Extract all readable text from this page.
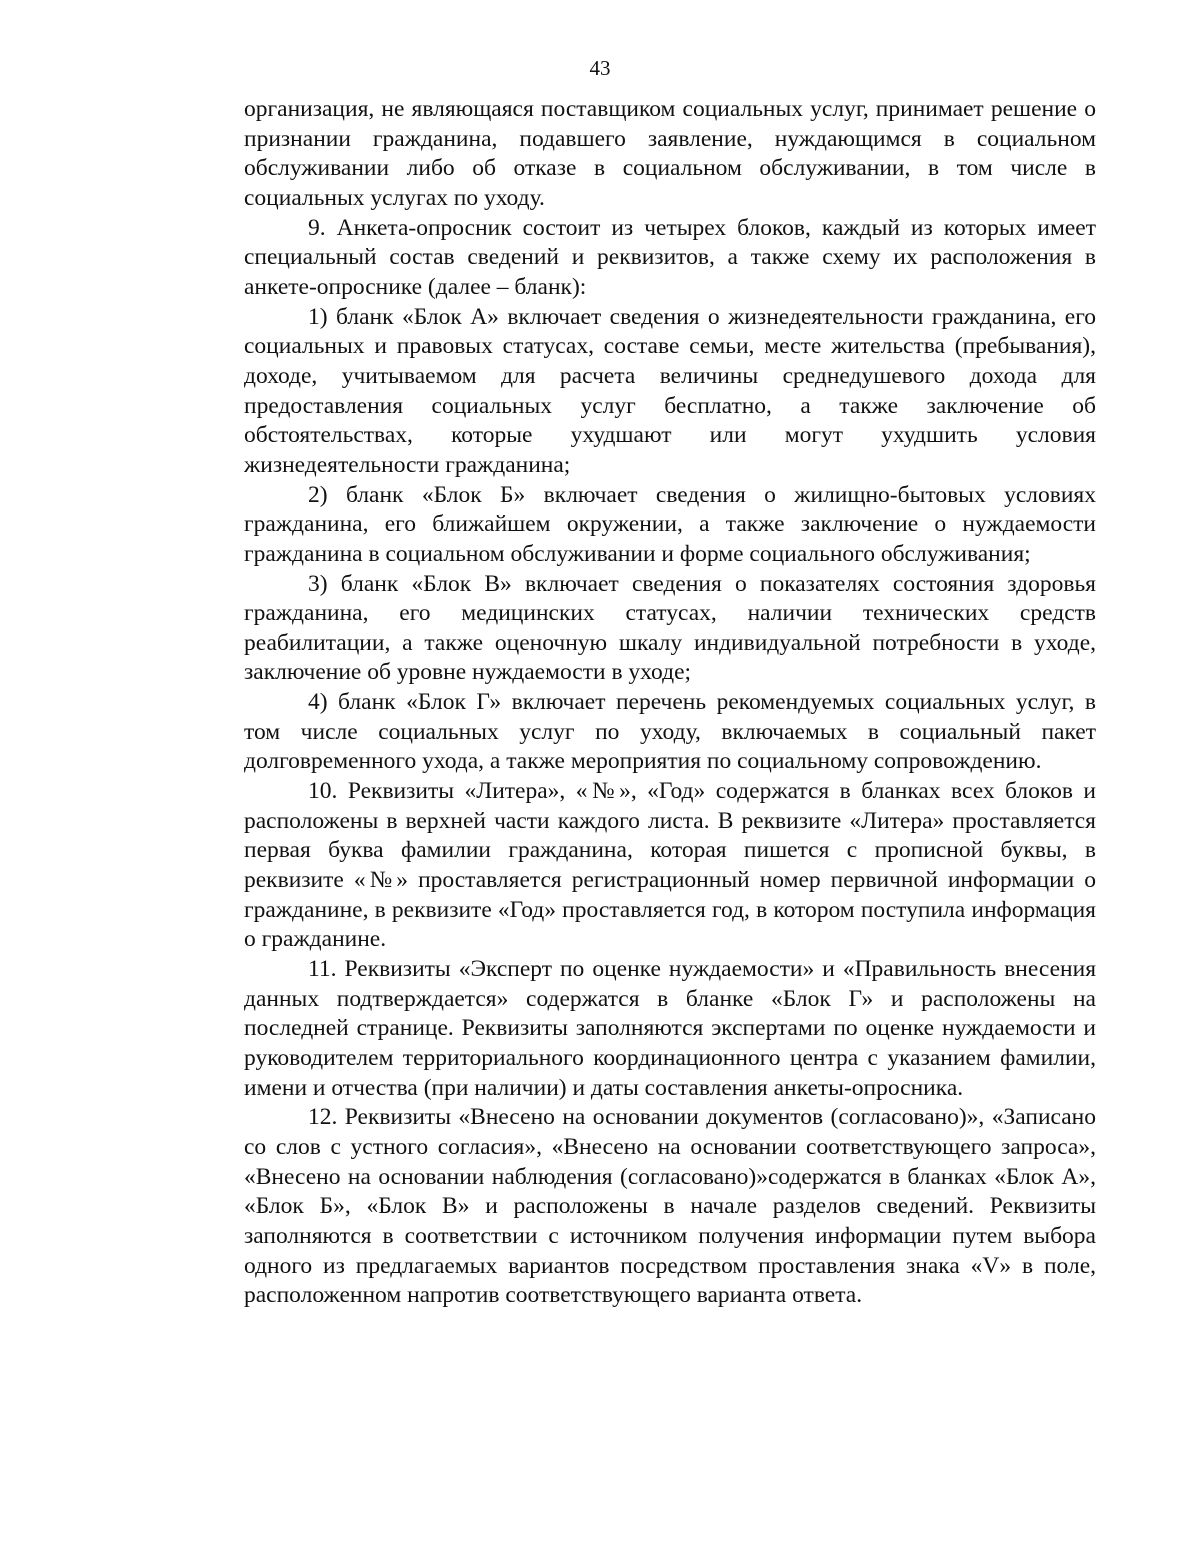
43

организация, не являющаяся поставщиком социальных услуг, принимает решение о признании гражданина, подавшего заявление, нуждающимся в социальном обслуживании либо об отказе в социальном обслуживании, в том числе в социальных услугах по уходу.

9. Анкета-опросник состоит из четырех блоков, каждый из которых имеет специальный состав сведений и реквизитов, а также схему их расположения в анкете-опроснике (далее – бланк):

1) бланк «Блок А» включает сведения о жизнедеятельности гражданина, его социальных и правовых статусах, составе семьи, месте жительства (пребывания), доходе, учитываемом для расчета величины среднедушевого дохода для предоставления социальных услуг бесплатно, а также заключение об обстоятельствах, которые ухудшают или могут ухудшить условия жизнедеятельности гражданина;

2) бланк «Блок Б» включает сведения о жилищно-бытовых условиях гражданина, его ближайшем окружении, а также заключение о нуждаемости гражданина в социальном обслуживании и форме социального обслуживания;

3) бланк «Блок В» включает сведения о показателях состояния здоровья гражданина, его медицинских статусах, наличии технических средств реабилитации, а также оценочную шкалу индивидуальной потребности в уходе, заключение об уровне нуждаемости в уходе;

4) бланк «Блок Г» включает перечень рекомендуемых социальных услуг, в том числе социальных услуг по уходу, включаемых в социальный пакет долговременного ухода, а также мероприятия по социальному сопровождению.

10. Реквизиты «Литера», «№», «Год» содержатся в бланках всех блоков и расположены в верхней части каждого листа. В реквизите «Литера» проставляется первая буква фамилии гражданина, которая пишется с прописной буквы, в реквизите «№» проставляется регистрационный номер первичной информации о гражданине, в реквизите «Год» проставляется год, в котором поступила информация о гражданине.

11. Реквизиты «Эксперт по оценке нуждаемости» и «Правильность внесения данных подтверждается» содержатся в бланке «Блок Г» и расположены на последней странице. Реквизиты заполняются экспертами по оценке нуждаемости и руководителем территориального координационного центра с указанием фамилии, имени и отчества (при наличии) и даты составления анкеты-опросника.

12. Реквизиты «Внесено на основании документов (согласовано)», «Записано со слов с устного согласия», «Внесено на основании соответствующего запроса», «Внесено на основании наблюдения (согласовано)»содержатся в бланках «Блок А», «Блок Б», «Блок В» и расположены в начале разделов сведений. Реквизиты заполняются в соответствии с источником получения информации путем выбора одного из предлагаемых вариантов посредством проставления знака «V» в поле, расположенном напротив соответствующего варианта ответа.
